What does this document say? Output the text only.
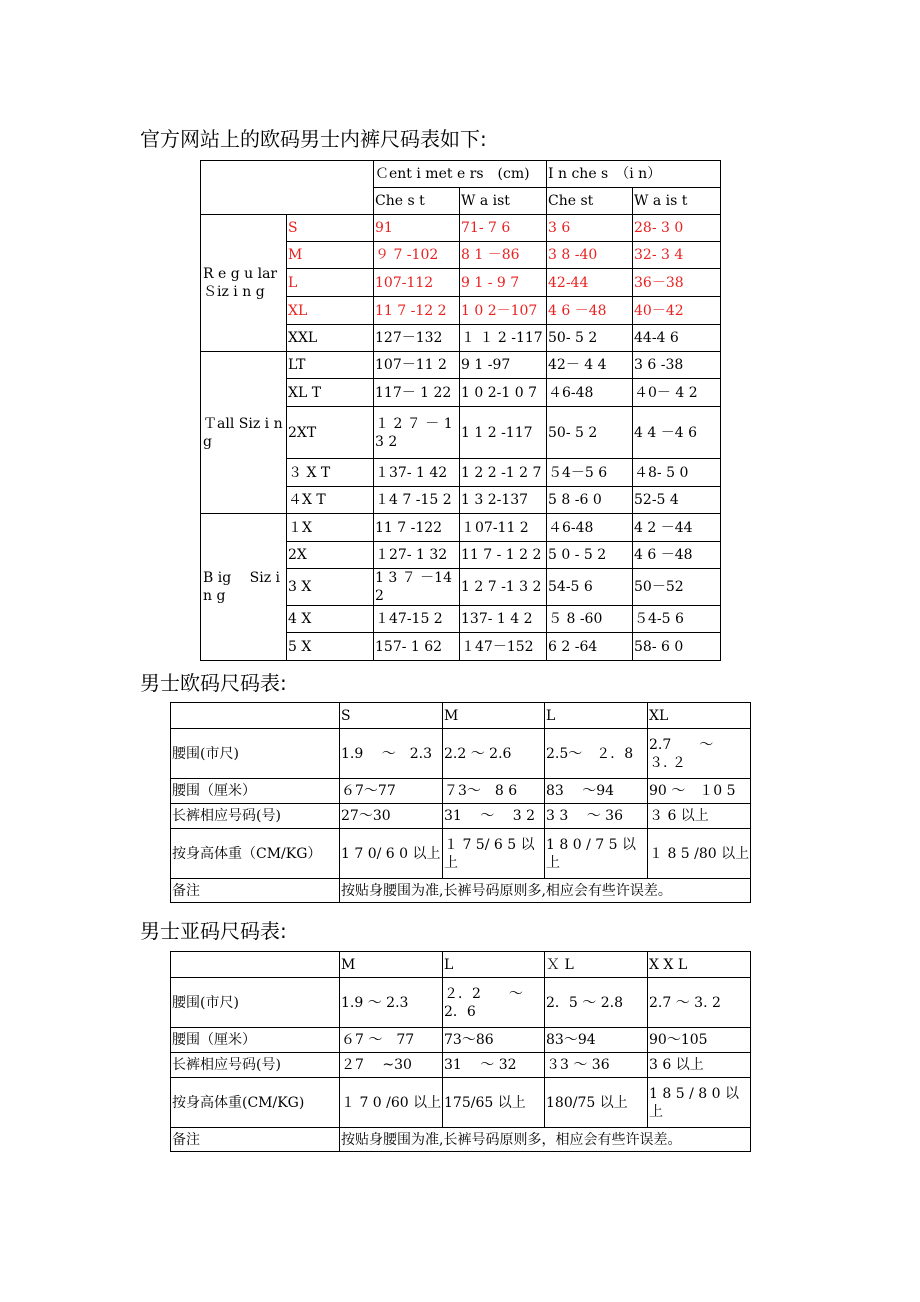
官方网站上的欧码男士内裤尺码表如下:
		Ｃent i met e rs　(cm)		I n che s　（i n）	
		Che s t	W a ist	Che st	W a is t
R e g u lar Ｓiz i n g	S	91	71- 7 6	3 6	28- 3 0
	M	９ 7 -102	8 1 －86	3 8 -40	32- 3 4
	L	107-112	9 1 - 9 7	42-44	36－38
	XL	11 7 -12 2	1 0 2－107	4 6 －48	40－42
	XXL	127－132	１ １ 2 -117	50- 5 2	44-4 6
Ｔall Siz i ng	LT	107－11 2	9 1 -97	42－ 4 4	3 6 -38
	XL T	117－ 1 22	1 0 2-1 0 7	４6-48	４0－ 4 2
	2XT	１ 2 ７ － 13 2	1 1 2 -117	50- 5 2	4 4 －4 6
	３ X T	１37- 1 42	1 2 2 -1 2 7	５4－5 6	４8- 5 0
	４X T	１4 7 -15 2	1 3 2-137	5 8 -6 0	52-5 4
B ig　 Siz i n g	１X	11 7 -122	１07-11 2	４6-48	4 2 －44
	2X	１27- 1 32	11 7 - 1 2 2	5 0 - 5 2	4 6 －48
	3 X	1 3 ７ －142	1 2 7 -1 3 2	54-5 6	50－52
	4 X	１47-15 2	137- 1 4 2	５ 8 -60	５4-5 6
	5 X	157- 1 62	１47－152	6 2 -64	58- 6 0
男士欧码尺码表:
	S	M	L	XL
腰围(市尺)	1.9 　～　2.3	2.2 ～ 2.6	2.5～　２．8	2.7　　～　　３. ２
腰围（厘米）	６7～77	７3～　8 6	83 　～94	90 ～　１0 5
长裤相应号码(号)	27～30	31 　～　 3 2	3 3　 ～ 36	３ 6 以上
按身高体重（CM/KG）	1 7 0/ 6 0 以上	１ 7 5/ 6 5 以上	1 8 0 / 7 5 以上	１ 8 5 /80 以上
备注	按贴身腰围为准,长裤号码原则多,相应会有些许误差。			
男士亚码尺码表:
	M	L	Ｘ L	X X L
腰围(市尺)	1.9 ～ 2.3	２．2　　～ 2．6	2．5 ～ 2.8	2.7 ～ 3. 2
腰围（厘米）	６7 ～　77	73～86	83～94	90～105
长裤相应号码(号)	２7 　~30	31　 ～ 32	３3 ～ 36	3 6 以上
按身高体重(CM/KG)	１ 7 0 /60 以上	175/65 以上	180/75 以上	1 8 5 / 8 0 以上
备注	按贴身腰围为准,长裤号码原则多，相应会有些许误差。			
